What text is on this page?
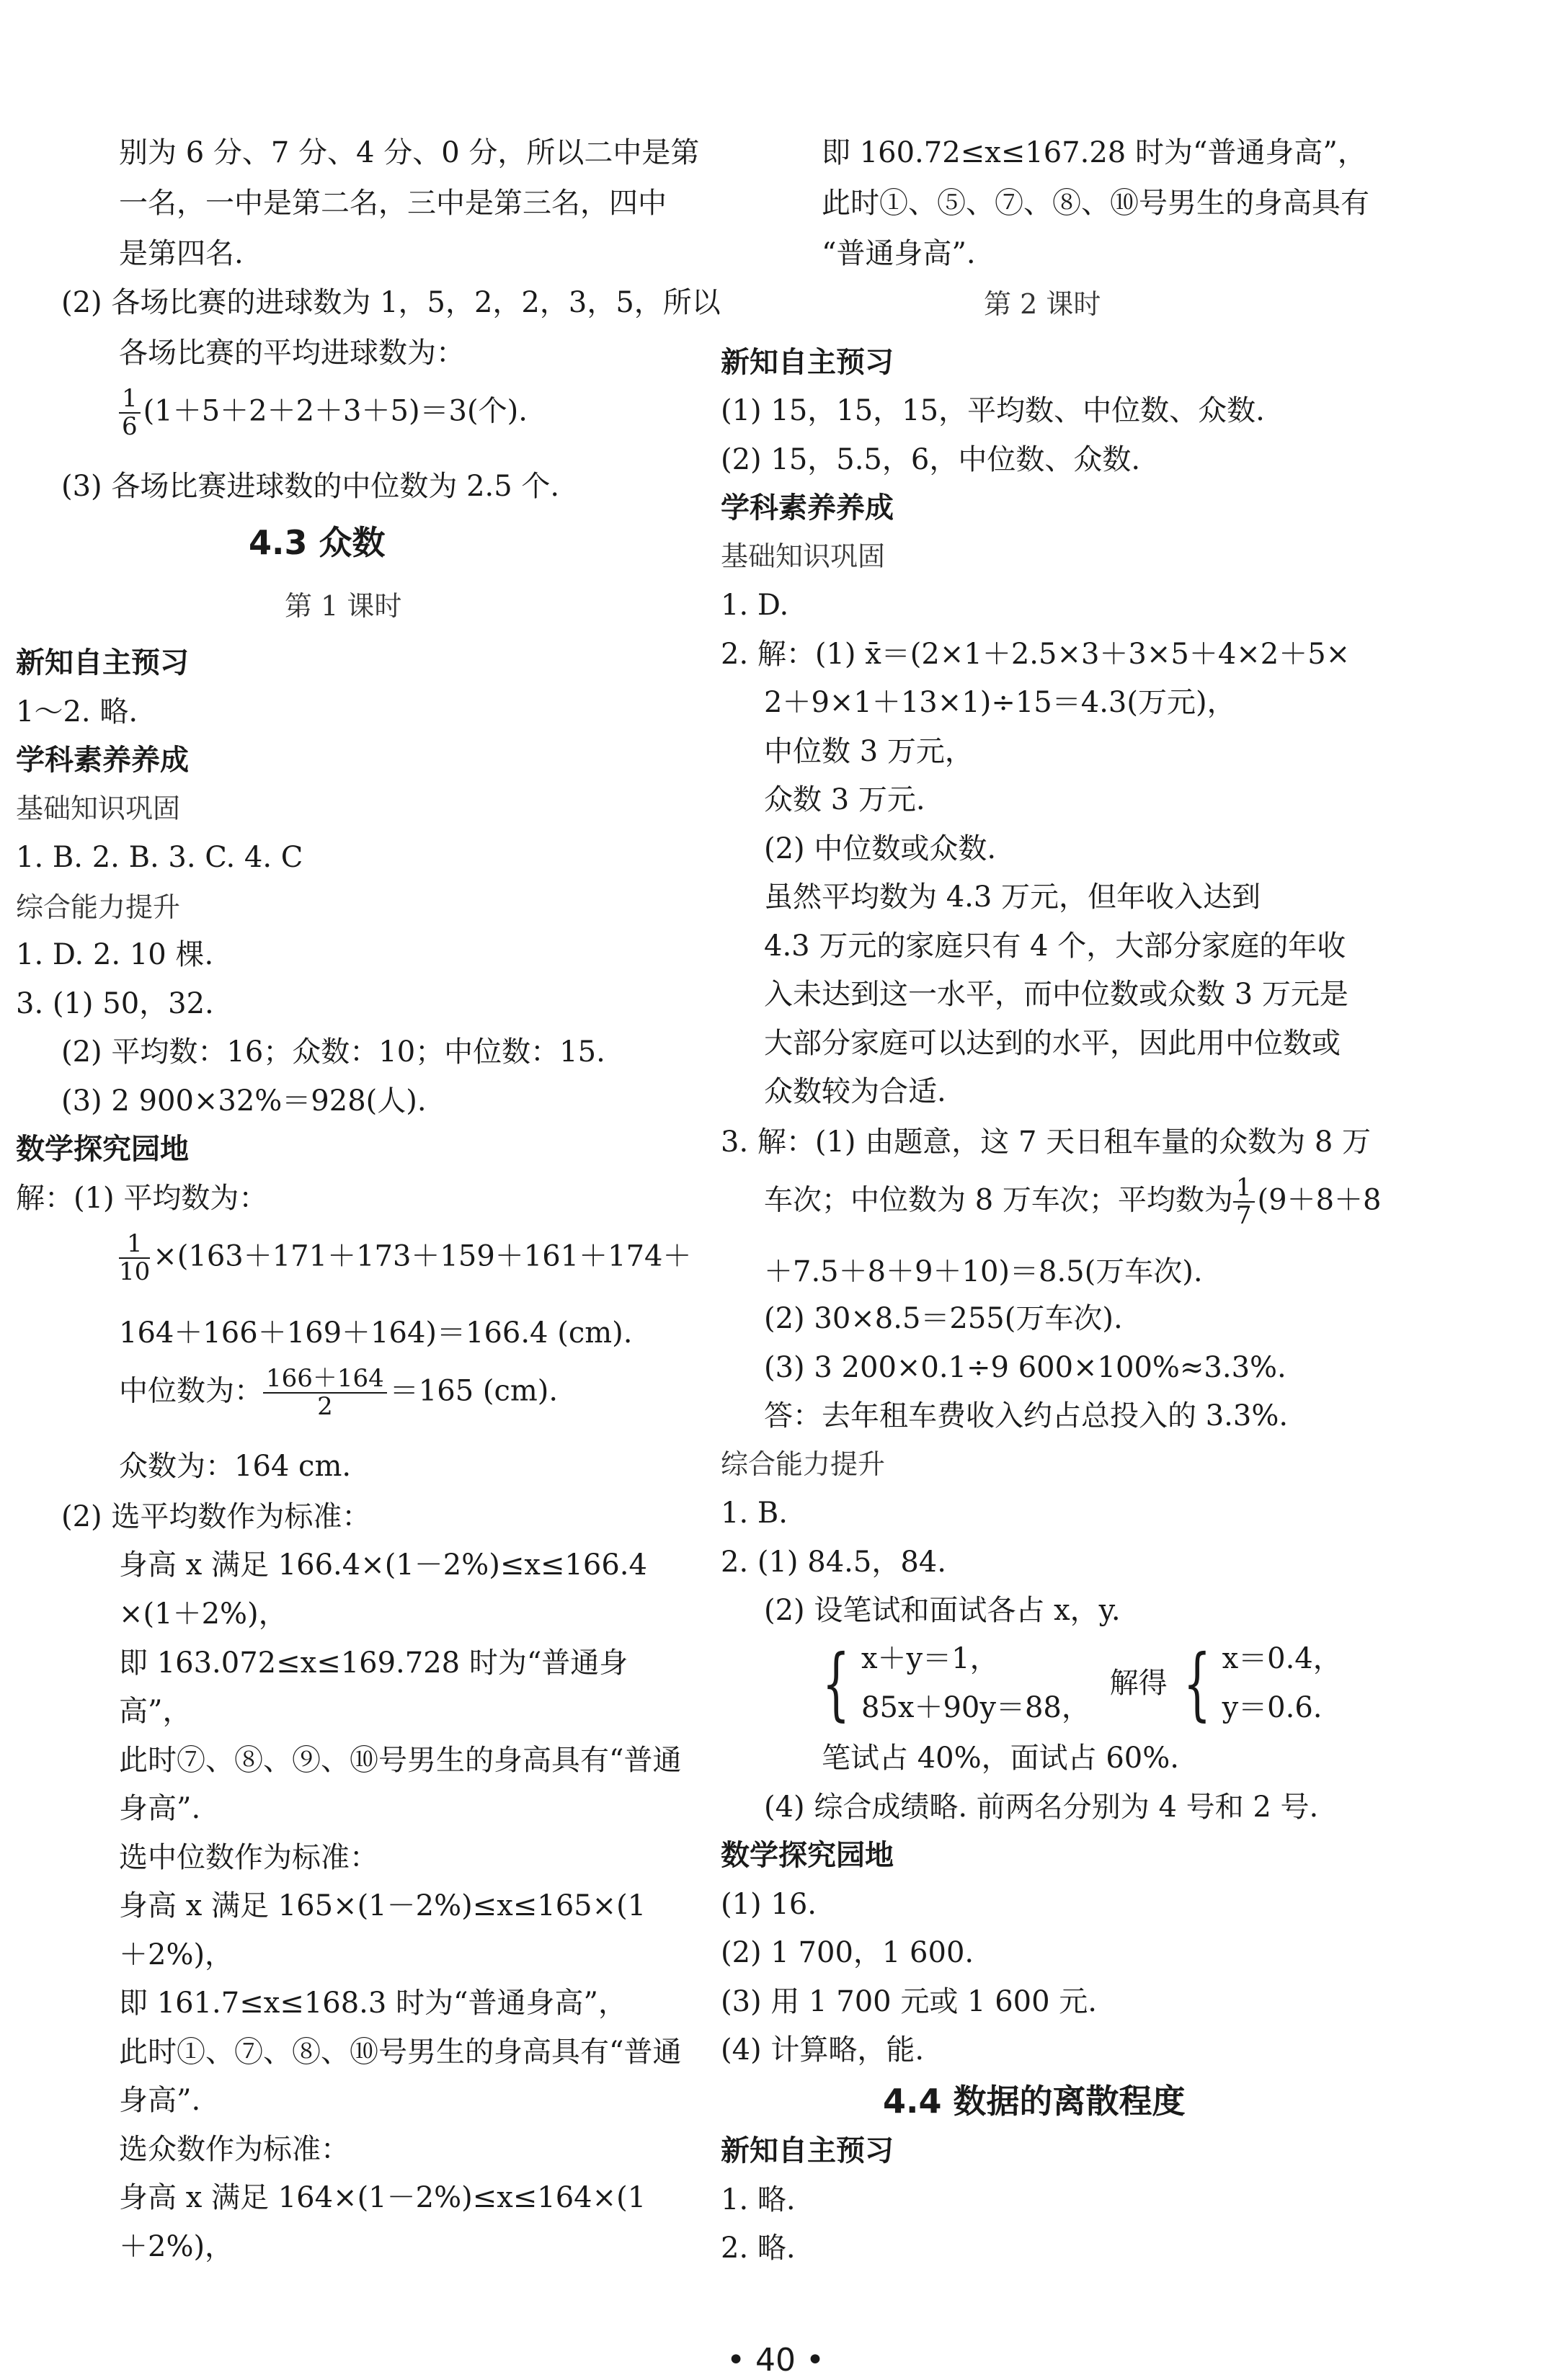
别为 6 分、7 分、4 分、0 分，所以二中是第
一名，一中是第二名，三中是第三名，四中
是第四名.
(2) 各场比赛的进球数为 1，5，2，2，3，5，所以
各场比赛的平均进球数为：
$\frac{1}{6} (1+5+2+2+3+5)=3$(个).
(3) 各场比赛进球数的中位数为 2.5 个.
4.3 众数
第 1 课时
新知自主预习
1～2. 略.
学科素养养成
基础知识巩固
1. B. 2. B. 3. C. 4. C
综合能力提升
1. D. 2. 10 棵.
3. (1) 50，32.
(2) 平均数：16；众数：10；中位数：15.
(3) 2 900×32%＝928(人).
数学探究园地
解：(1) 平均数为：
$\frac{1}{10} \times(163+171+173+159+161+174+$
164＋166＋169＋164)＝166.4 (cm).
中位数为： $\frac{166+164}{2} =165$ (cm).
众数为：164 cm.
(2) 选平均数作为标准：
身高 x 满足 166.4×(1－2%)≤x≤166.4
×(1＋2%)，
即 163.072≤x≤169.728 时为“普通身
高”，
此时⑦、⑧、⑨、⑩号男生的身高具有“普通
身高”.
选中位数作为标准：
身高 x 满足 165×(1－2%)≤x≤165×(1
＋2%)，
即 161.7≤x≤168.3 时为“普通身高”，
此时①、⑦、⑧、⑩号男生的身高具有“普通
身高”.
选众数作为标准：
身高 x 满足 164×(1－2%)≤x≤164×(1
＋2%)，
即 160.72≤x≤167.28 时为“普通身高”，
此时①、⑤、⑦、⑧、⑩号男生的身高具有
“普通身高”.
第 2 课时
新知自主预习
(1) 15，15，15，平均数、中位数、众数.
(2) 15，5.5，6，中位数、众数.
学科素养养成
基础知识巩固
1. D.
2. 解：(1) x̄＝(2×1＋2.5×3＋3×5＋4×2＋5×
2＋9×1＋13×1)÷15＝4.3(万元)，
中位数 3 万元，
众数 3 万元.
(2) 中位数或众数.
虽然平均数为 4.3 万元，但年收入达到
4.3 万元的家庭只有 4 个，大部分家庭的年收
入未达到这一水平，而中位数或众数 3 万元是
大部分家庭可以达到的水平，因此用中位数或
众数较为合适.
3. 解：(1) 由题意，这 7 天日租车量的众数为 8 万
车次；中位数为 8 万车次；平均数为 $\frac{1}{7} (9+8+8$
＋7.5＋8＋9＋10)＝8.5(万车次).
(2) 30×8.5＝255(万车次).
(3) 3 200×0.1÷9 600×100%≈3.3%.
答：去年租车费收入约占总投入的 3.3%.
综合能力提升
1. B.
2. (1) 84.5，84.
(2) 设笔试和面试各占 x，y.
{ x＋y＝1，
85x＋90y＝88，
解得 { x＝0.4，
y＝0.6.
笔试占 40%，面试占 60%.
(4) 综合成绩略. 前两名分别为 4 号和 2 号.
数学探究园地
(1) 16.
(2) 1 700，1 600.
(3) 用 1 700 元或 1 600 元.
(4) 计算略，能.
4.4 数据的离散程度
新知自主预习
1. 略.
2. 略.
• 40 •
